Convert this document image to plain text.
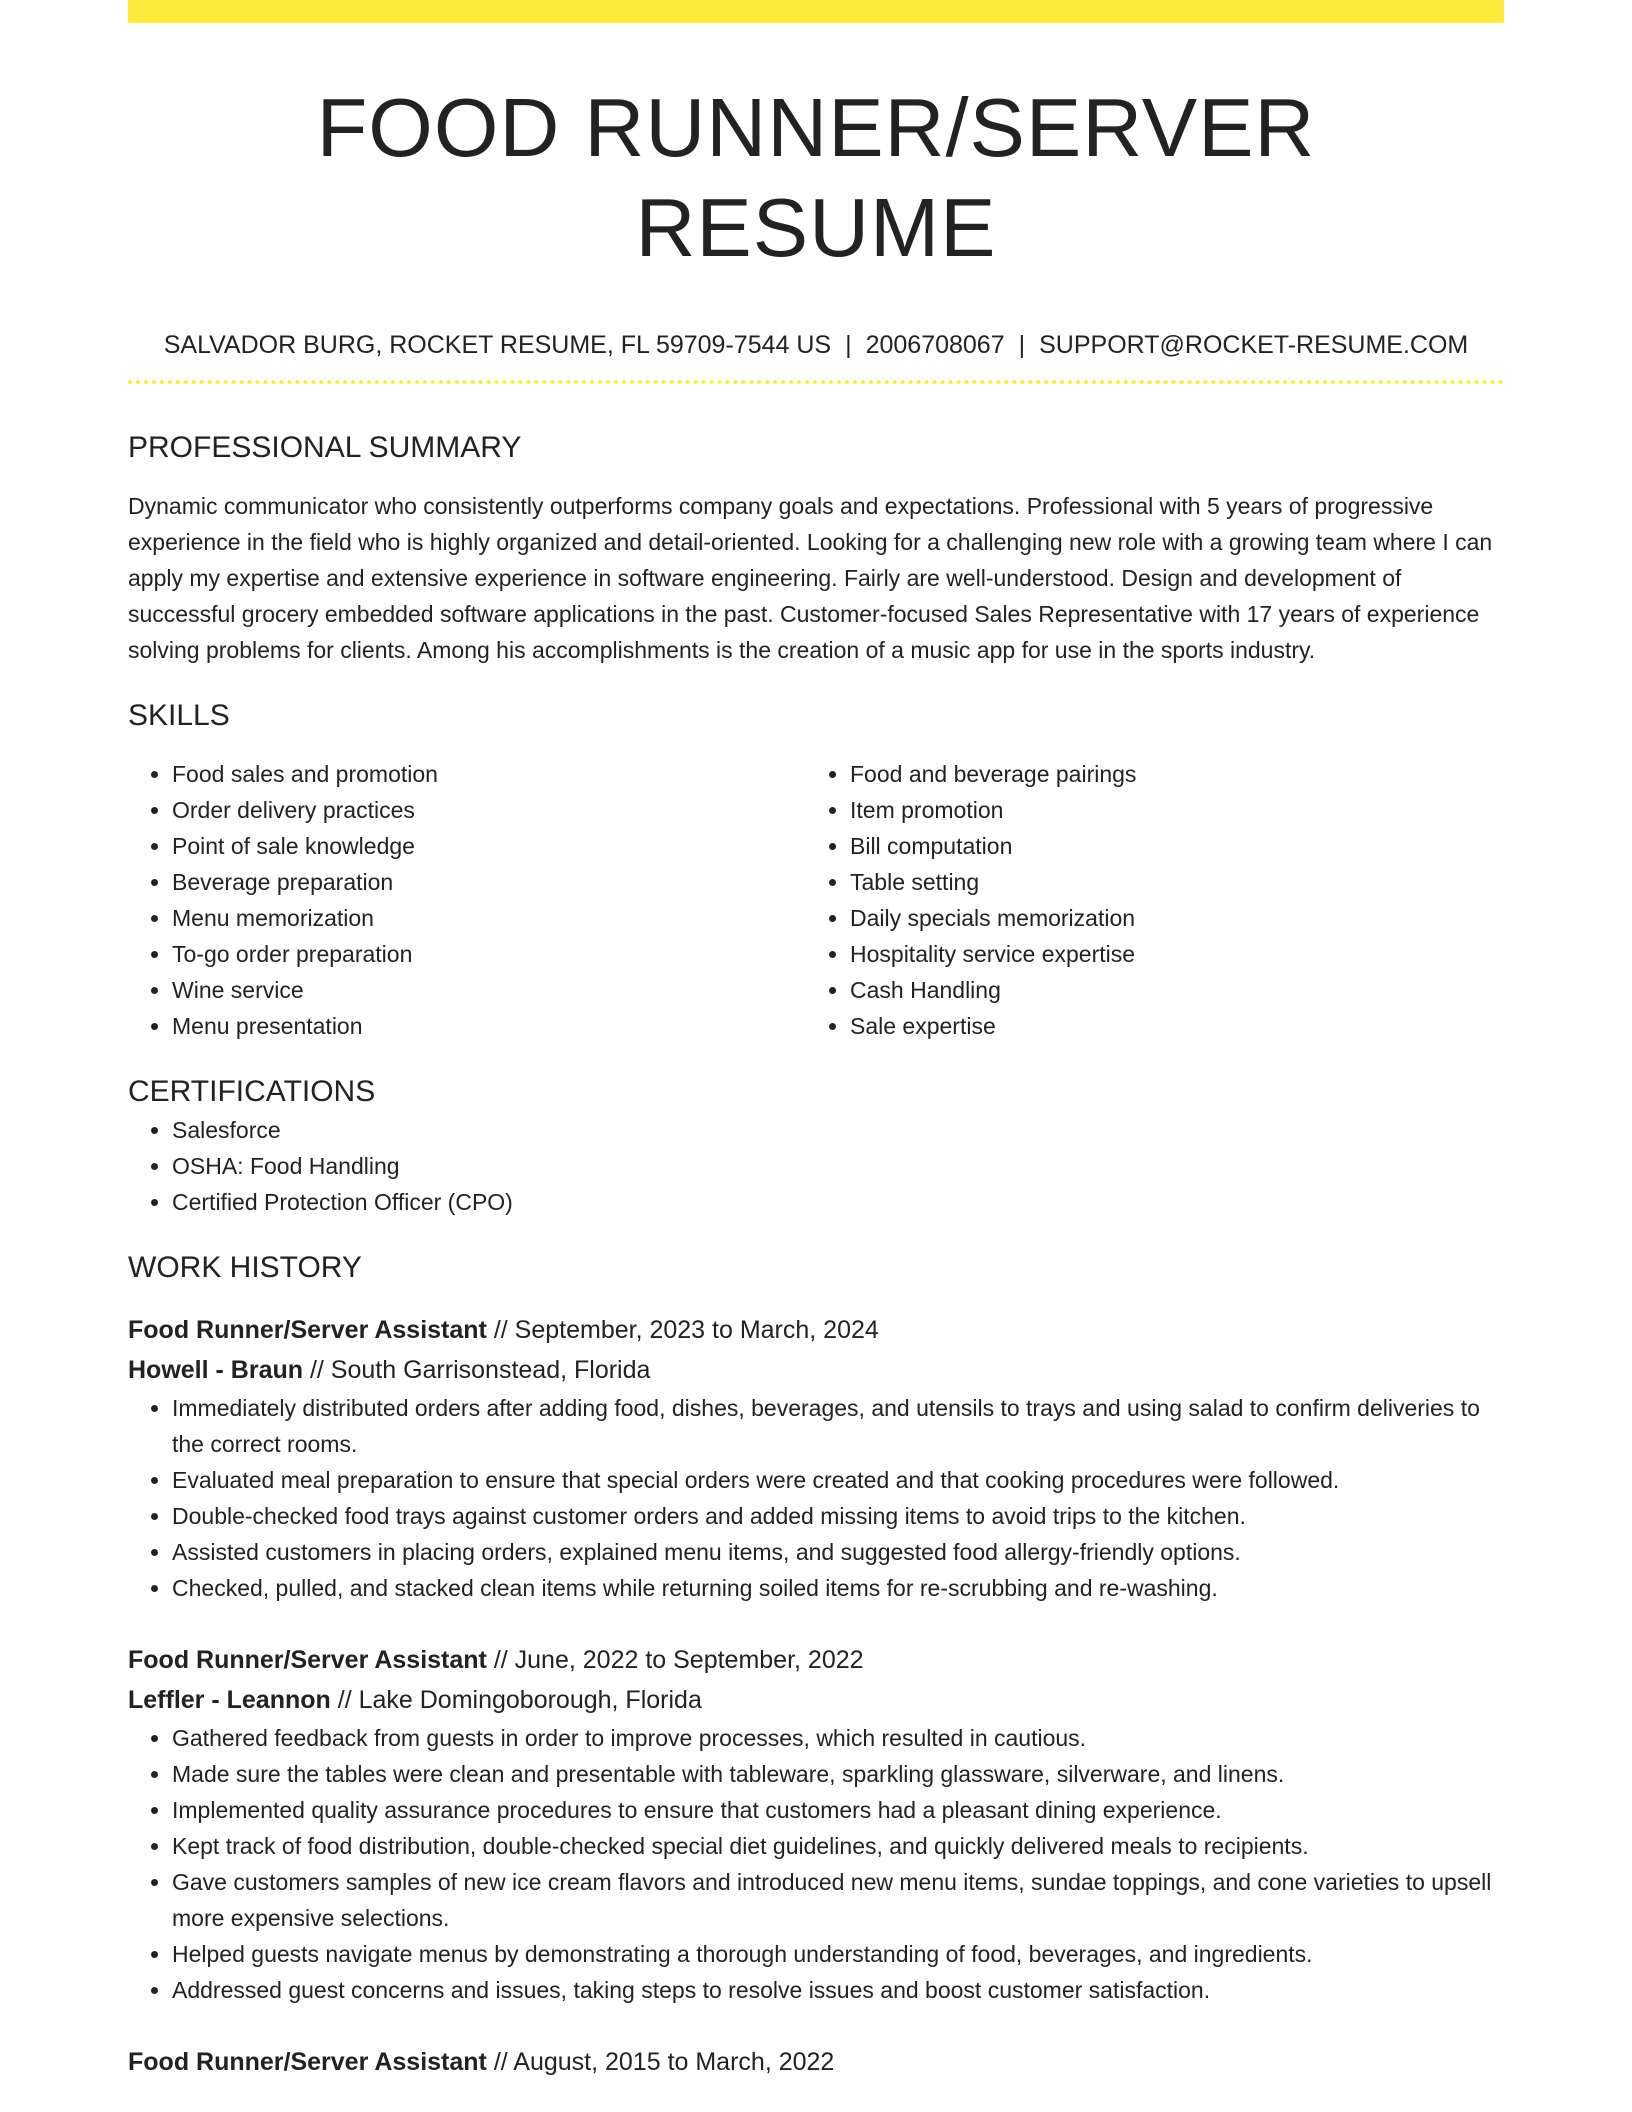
FOOD RUNNER/SERVER RESUME
SALVADOR BURG, ROCKET RESUME, FL 59709-7544 US | 2006708067 | SUPPORT@ROCKET-RESUME.COM
PROFESSIONAL SUMMARY

Dynamic communicator who consistently outperforms company goals and expectations. Professional with 5 years of progressive experience in the field who is highly organized and detail-oriented. Looking for a challenging new role with a growing team where I can apply my expertise and extensive experience in software engineering. Fairly are well-understood. Design and development of successful grocery embedded software applications in the past. Customer-focused Sales Representative with 17 years of experience solving problems for clients. Among his accomplishments is the creation of a music app for use in the sports industry.

SKILLS
• Food sales and promotion
• Order delivery practices
• Point of sale knowledge
• Beverage preparation
• Menu memorization
• To-go order preparation
• Wine service
• Menu presentation
• Food and beverage pairings
• Item promotion
• Bill computation
• Table setting
• Daily specials memorization
• Hospitality service expertise
• Cash Handling
• Sale expertise
CERTIFICATIONS
• Salesforce
• OSHA: Food Handling
• Certified Protection Officer (CPO)
WORK HISTORY
Food Runner/Server Assistant // September, 2023 to March, 2024
Howell - Braun // South Garrisonstead, Florida
• Immediately distributed orders after adding food, dishes, beverages, and utensils to trays and using salad to confirm deliveries to the correct rooms.
• Evaluated meal preparation to ensure that special orders were created and that cooking procedures were followed.
• Double-checked food trays against customer orders and added missing items to avoid trips to the kitchen.
• Assisted customers in placing orders, explained menu items, and suggested food allergy-friendly options.
• Checked, pulled, and stacked clean items while returning soiled items for re-scrubbing and re-washing.
Food Runner/Server Assistant // June, 2022 to September, 2022
Leffler - Leannon // Lake Domingoborough, Florida
• Gathered feedback from guests in order to improve processes, which resulted in cautious.
• Made sure the tables were clean and presentable with tableware, sparkling glassware, silverware, and linens.
• Implemented quality assurance procedures to ensure that customers had a pleasant dining experience.
• Kept track of food distribution, double-checked special diet guidelines, and quickly delivered meals to recipients.
• Gave customers samples of new ice cream flavors and introduced new menu items, sundae toppings, and cone varieties to upsell more expensive selections.
• Helped guests navigate menus by demonstrating a thorough understanding of food, beverages, and ingredients.
• Addressed guest concerns and issues, taking steps to resolve issues and boost customer satisfaction.
Food Runner/Server Assistant // August, 2015 to March, 2022
